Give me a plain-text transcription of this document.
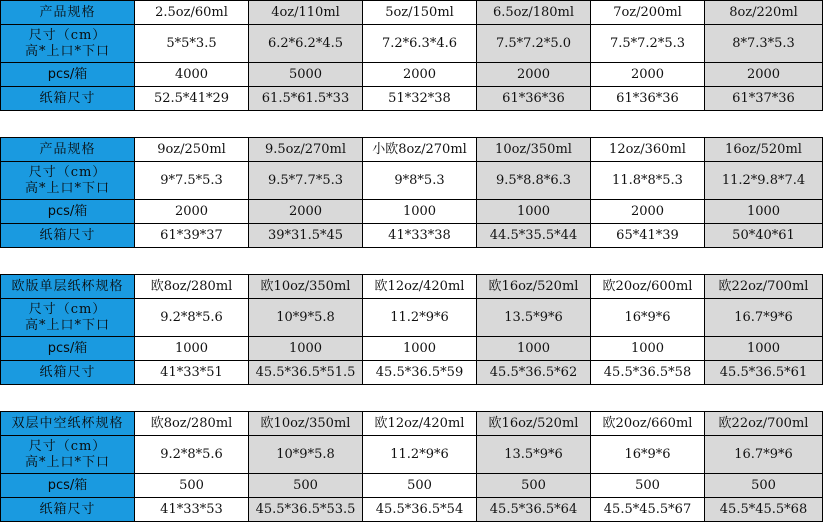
产品规格	2.5oz/60ml	4oz/110ml	5oz/150ml	6.5oz/180ml	7oz/200ml	8oz/220ml

尺寸（cm）
高*上口*下口	5*5*3.5	6.2*6.2*4.5	7.2*6.3*4.6	7.5*7.2*5.0	7.5*7.2*5.3	8*7.3*5.3
pcs/箱	4000	5000	2000	2000	2000	2000
纸箱尺寸	52.5*41*29	61.5*61.5*33	51*32*38	61*36*36	61*36*36	61*37*36
产品规格	9oz/250ml	9.5oz/270ml	小欧8oz/270ml	10oz/350ml	12oz/360ml	16oz/520ml

尺寸（cm）
高*上口*下口	9*7.5*5.3	9.5*7.7*5.3	9*8*5.3	9.5*8.8*6.3	11.8*8*5.3	11.2*9.8*7.4
pcs/箱	2000	2000	1000	1000	2000	1000
纸箱尺寸	61*39*37	39*31.5*45	41*33*38	44.5*35.5*44	65*41*39	50*40*61
欧版单层纸杯规格	欧8oz/280ml	欧10oz/350ml	欧12oz/420ml	欧16oz/520ml	欧20oz/600ml	欧22oz/700ml

尺寸（cm）
高*上口*下口	9.2*8*5.6	10*9*5.8	11.2*9*6	13.5*9*6	16*9*6	16.7*9*6
pcs/箱	1000	1000	1000	1000	1000	1000
纸箱尺寸	41*33*51	45.5*36.5*51.5	45.5*36.5*59	45.5*36.5*62	45.5*36.5*58	45.5*36.5*61
双层中空纸杯规格	欧8oz/280ml	欧10oz/350ml	欧12oz/420ml	欧16oz/520ml	欧20oz/660ml	欧22oz/700ml

尺寸（cm）
高*上口*下口	9.2*8*5.6	10*9*5.8	11.2*9*6	13.5*9*6	16*9*6	16.7*9*6
pcs/箱	500	500	500	500	500	500
纸箱尺寸	41*33*53	45.5*36.5*53.5	45.5*36.5*54	45.5*36.5*64	45.5*45.5*67	45.5*45.5*68
